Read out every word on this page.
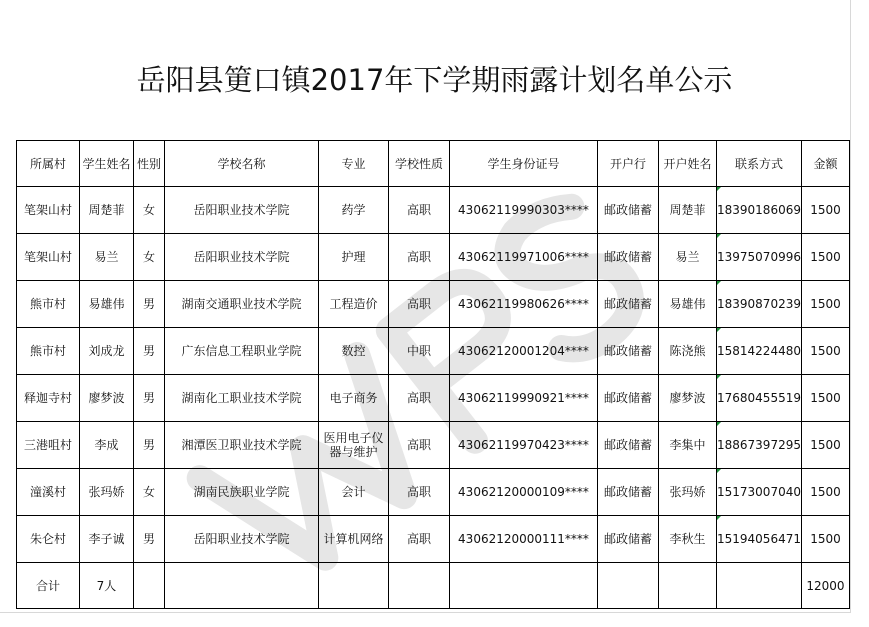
岳阳县筻口镇2017年下学期雨露计划名单公示
所属村	学生姓名	性别	学校名称	专业	学校性质	学生身份证号	开户行	开户姓名	联系方式	金额
笔架山村	周楚菲	女	岳阳职业技术学院	药学	高职	43062119990303****	邮政储蓄	周楚菲	18390186069	1500
笔架山村	易兰	女	岳阳职业技术学院	护理	高职	43062119971006****	邮政储蓄	易兰	13975070996	1500
熊市村	易雄伟	男	湖南交通职业技术学院	工程造价	高职	43062119980626****	邮政储蓄	易雄伟	18390870239	1500
熊市村	刘成龙	男	广东信息工程职业学院	数控	中职	43062120001204****	邮政储蓄	陈浇熊	15814224480	1500
释迦寺村	廖梦波	男	湖南化工职业技术学院	电子商务	高职	43062119990921****	邮政储蓄	廖梦波	17680455519	1500
三港咀村	李成	男	湘潭医卫职业技术学院	医用电子仪器与维护	高职	43062119970423****	邮政储蓄	李集中	18867397295	1500
潼溪村	张玛娇	女	湖南民族职业学院	会计	高职	43062120000109****	邮政储蓄	张玛娇	15173007040	1500
朱仑村	李子诚	男	岳阳职业技术学院	计算机网络	高职	43062120000111****	邮政储蓄	李秋生	15194056471	1500
合计	7人									12000
